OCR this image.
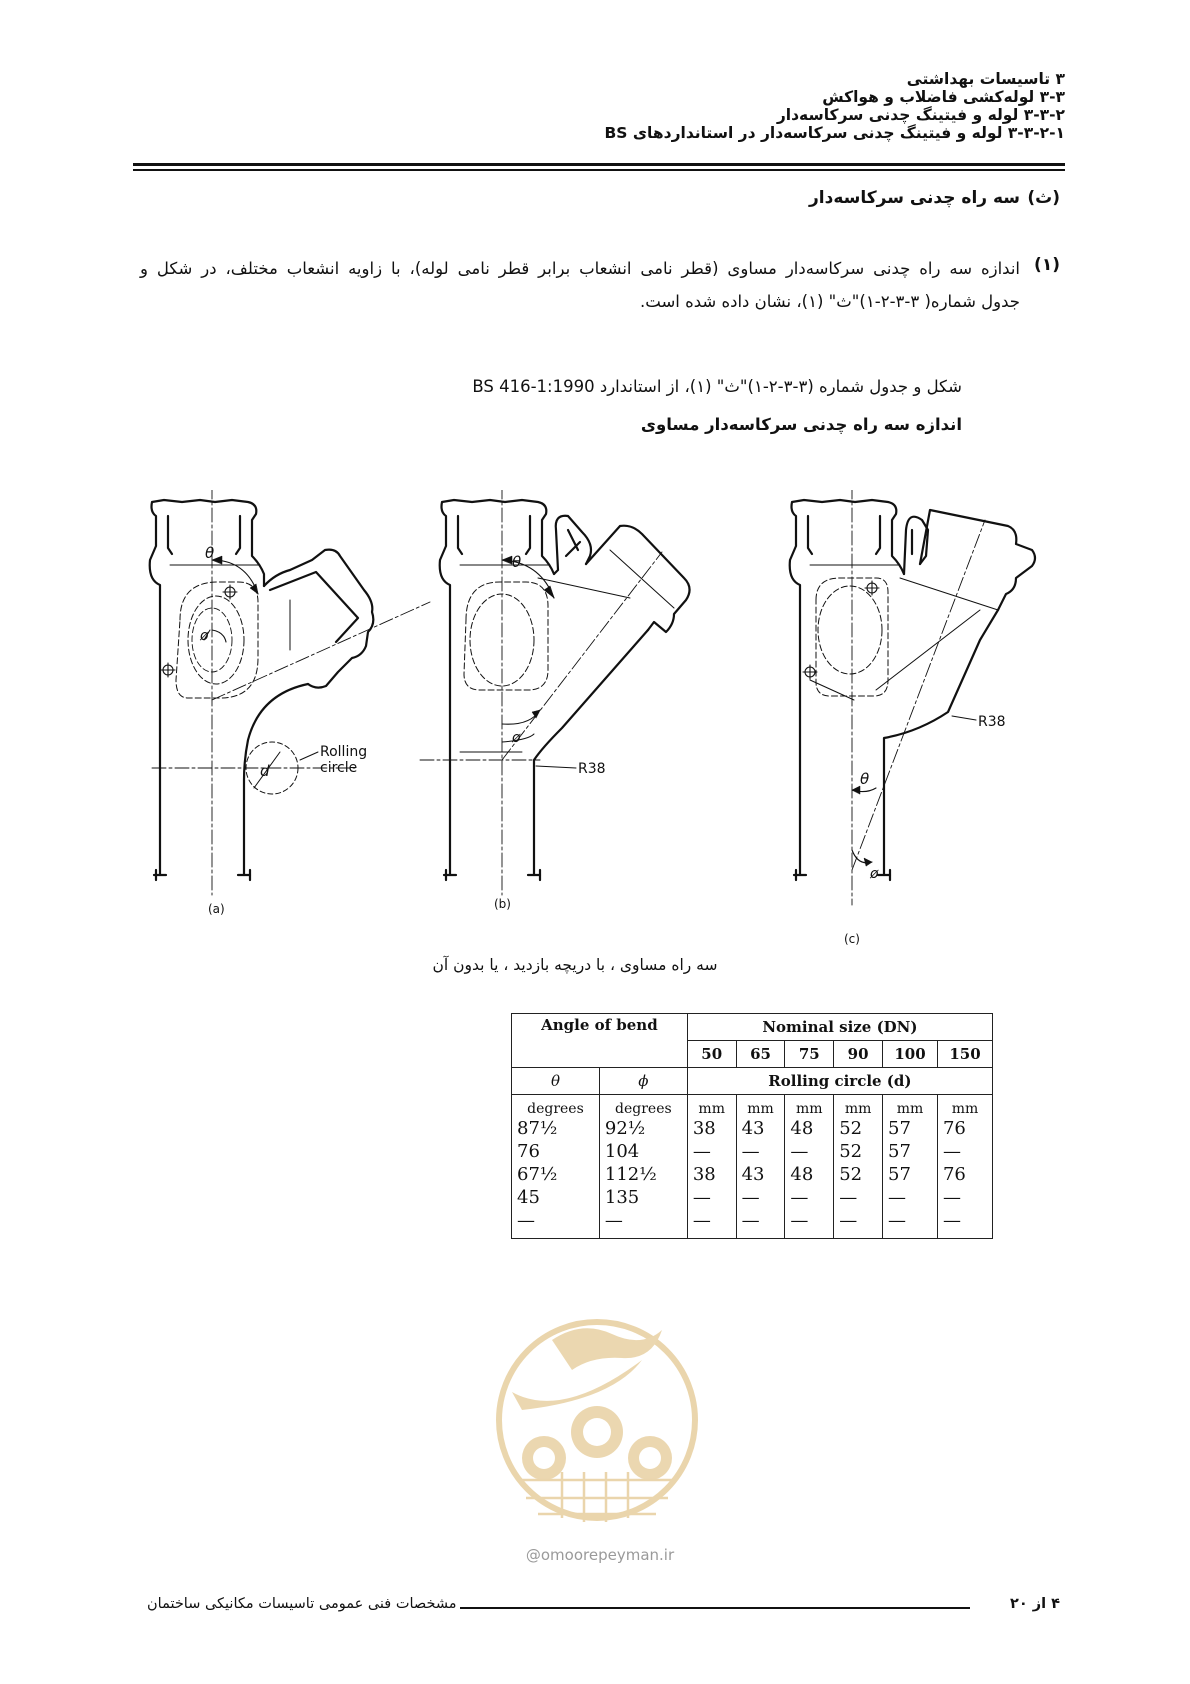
۳ تاسیسات بهداشتی
۳-۳ لوله‌کشی فاضلاب و هواکش
۳-۳-۲ لوله و فیتینگ چدنی سرکاسه‌دار
۳-۳-۲-۱ لوله و فیتینگ چدنی سرکاسه‌دار در استانداردهای BS
(ث)
سه راه چدنی سرکاسه‌دار
(۱)
اندازه سه راه چدنی سرکاسه‌دار مساوی (قطر نامی انشعاب برابر قطر نامی لوله)، با زاویه انشعاب مختلف، در شکل و
جدول شماره( ۳-۳-۲-۱)"ث" (۱)، نشان داده شده است.
شکل و جدول شماره (۳-۳-۲-۱)"ث" (۱)، از استاندارد BS 416-1:1990
اندازه سه راه چدنی سرکاسه‌دار مساوی
θ
ø
d
Rolling
circle
(a)
θ
ø
R38
(b)
θ
ø
R38
(c)
سه راه مساوی ، با دریچه بازدید ، یا بدون آن
Angle of bend		Nominal size (DN)					
		50	65	75	90	100	150
θ	ϕ	Rolling circle (d)					
degrees	degrees	mm	mm	mm	mm	mm	mm
87½	92½	38	43	48	52	57	76
76	104	—	—	—	52	57	—
67½	112½	38	43	48	52	57	76
45	135	—	—	—	—	—	—
—	—	—	—	—	—	—	—
@omoorepeyman.ir
مشخصات فنی عمومی تاسیسات مکانیکی ساختمان	۴ از ۲۰
